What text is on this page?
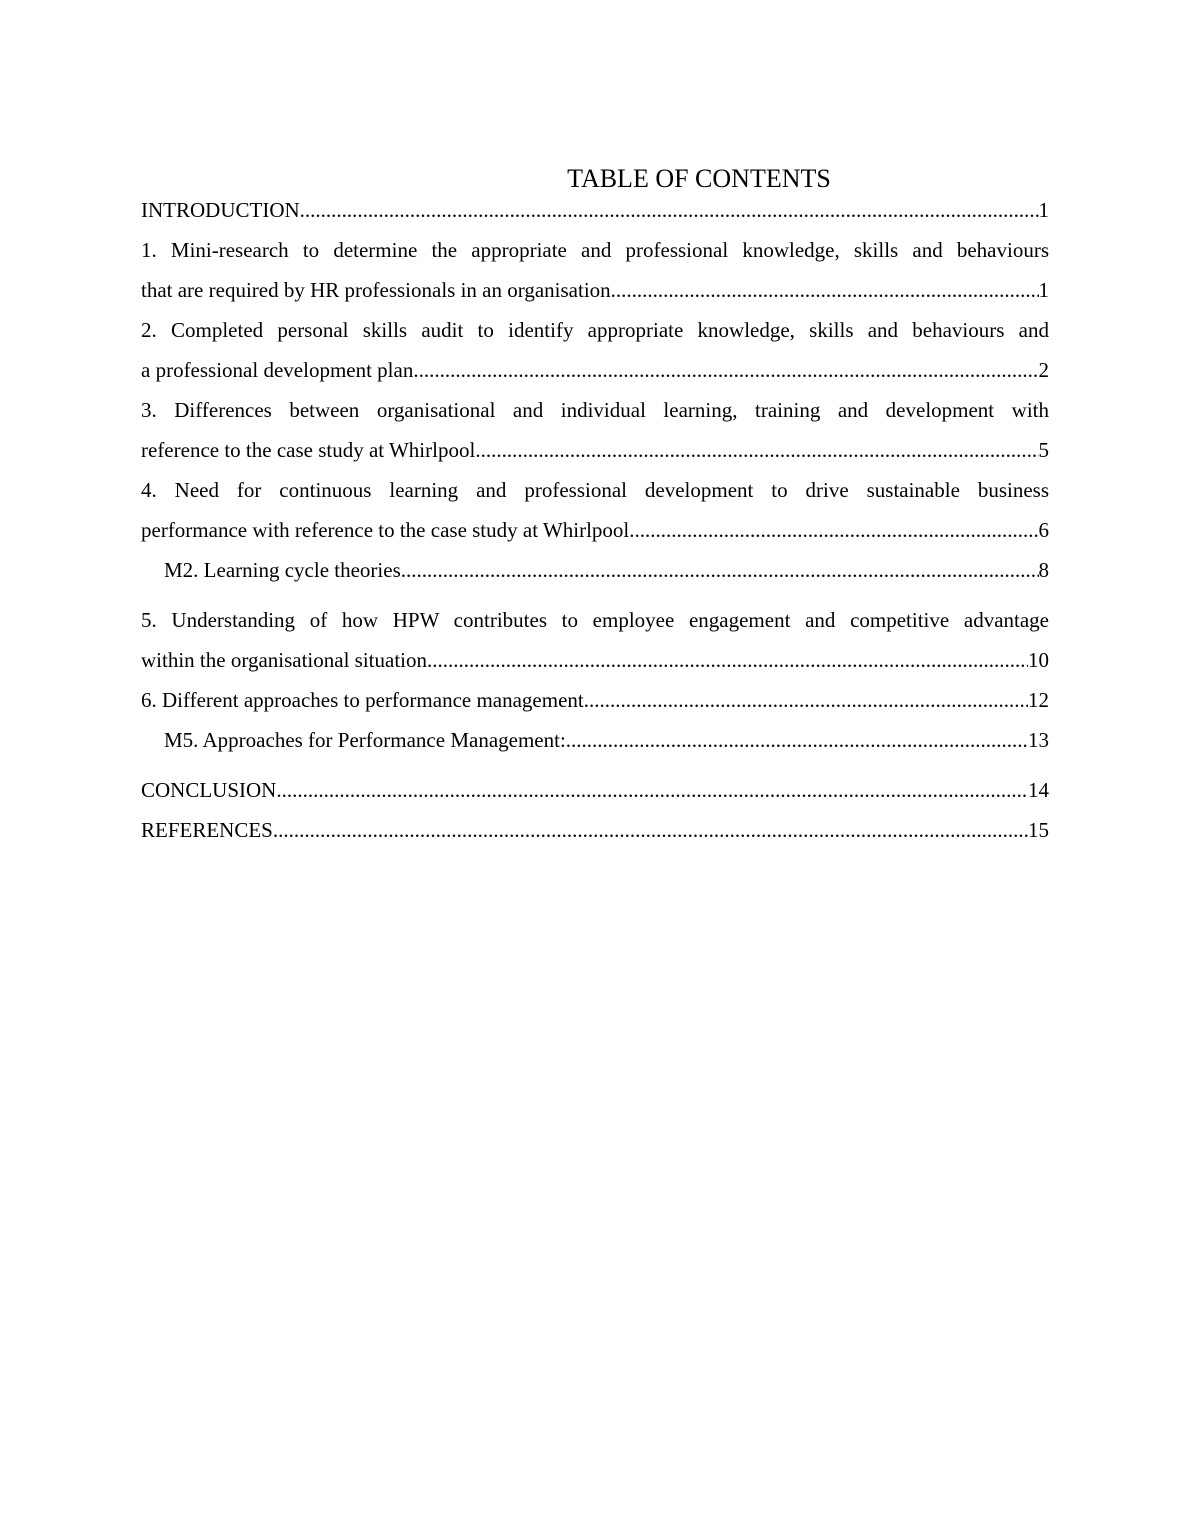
TABLE OF CONTENTS
INTRODUCTION .....	1
1. Mini-research to determine the appropriate and professional knowledge, skills and behaviours
that are required by HR professionals in an organisation .....	1
2. Completed personal skills audit to identify appropriate knowledge, skills and behaviours and
a professional development plan .....	2
3. Differences between organisational and individual learning, training and development with
reference to the case study at Whirlpool .....	5
4. Need for continuous learning and professional development to drive sustainable business
performance with reference to the case study at Whirlpool .....	6
M2. Learning cycle theories .....	8
5. Understanding of how HPW contributes to employee engagement and competitive advantage
within the organisational situation .....	10
6. Different approaches to performance management .....	12
M5. Approaches for Performance Management: .....	13
CONCLUSION .....	14
REFERENCES .....	15
